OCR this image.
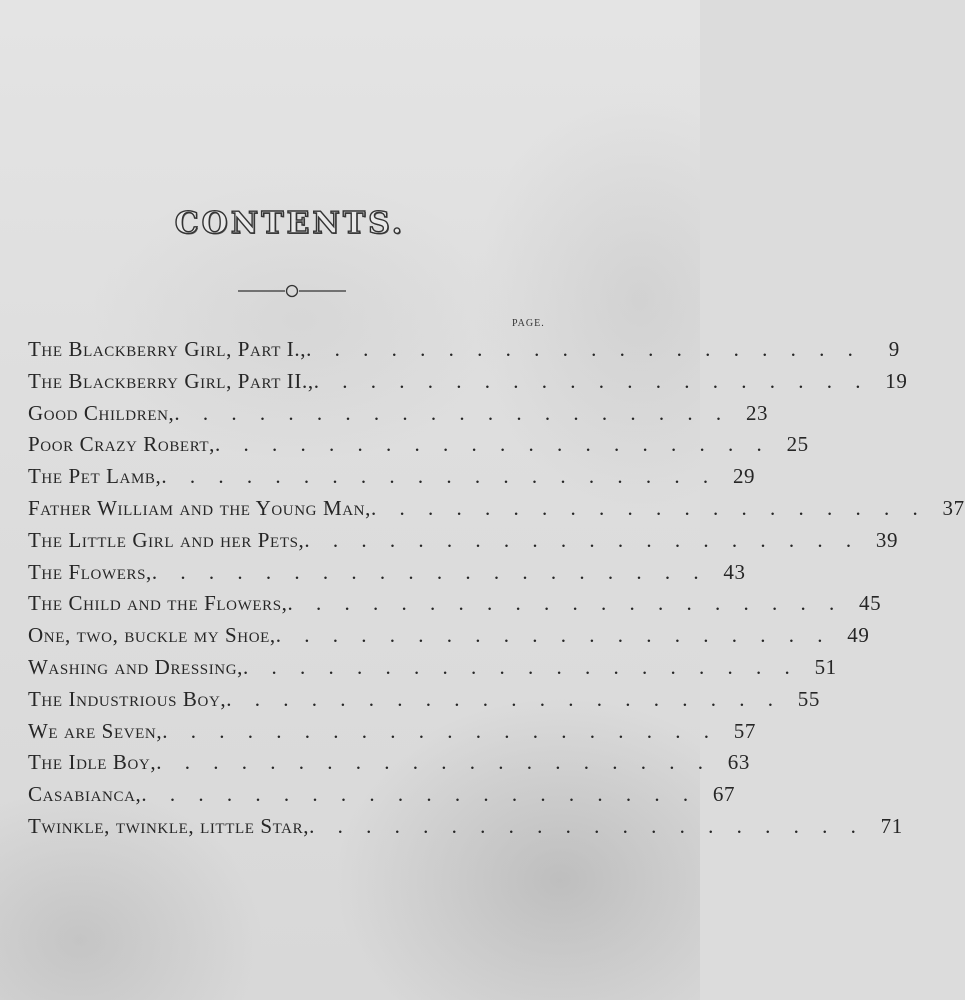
CONTENTS.
PAGE.
The Blackberry Girl, Part I., . . . . . . . . . . . . . . . . . . . .	9
The Blackberry Girl, Part II., . . . . . . . . . . . . . . . . . . . . 19
Good Children, . . . . . . . . . . . . . . . . . . . . 23
Poor Crazy Robert, . . . . . . . . . . . . . . . . . . . . 25
The Pet Lamb, . . . . . . . . . . . . . . . . . . . . 29
Father William and the Young Man, . . . . . . . . . . . . . . . . . . . . 37
The Little Girl and her Pets, . . . . . . . . . . . . . . . . . . . . 39
The Flowers, . . . . . . . . . . . . . . . . . . . . 43
The Child and the Flowers, . . . . . . . . . . . . . . . . . . . . 45
One, two, buckle my Shoe, . . . . . . . . . . . . . . . . . . . . 49
Washing and Dressing, . . . . . . . . . . . . . . . . . . . . 51
The Industrious Boy, . . . . . . . . . . . . . . . . . . . . 55
We are Seven, . . . . . . . . . . . . . . . . . . . . 57
The Idle Boy, . . . . . . . . . . . . . . . . . . . . 63
Casabianca, . . . . . . . . . . . . . . . . . . . . 67
Twinkle, twinkle, little Star, . . . . . . . . . . . . . . . . . . . . 71
